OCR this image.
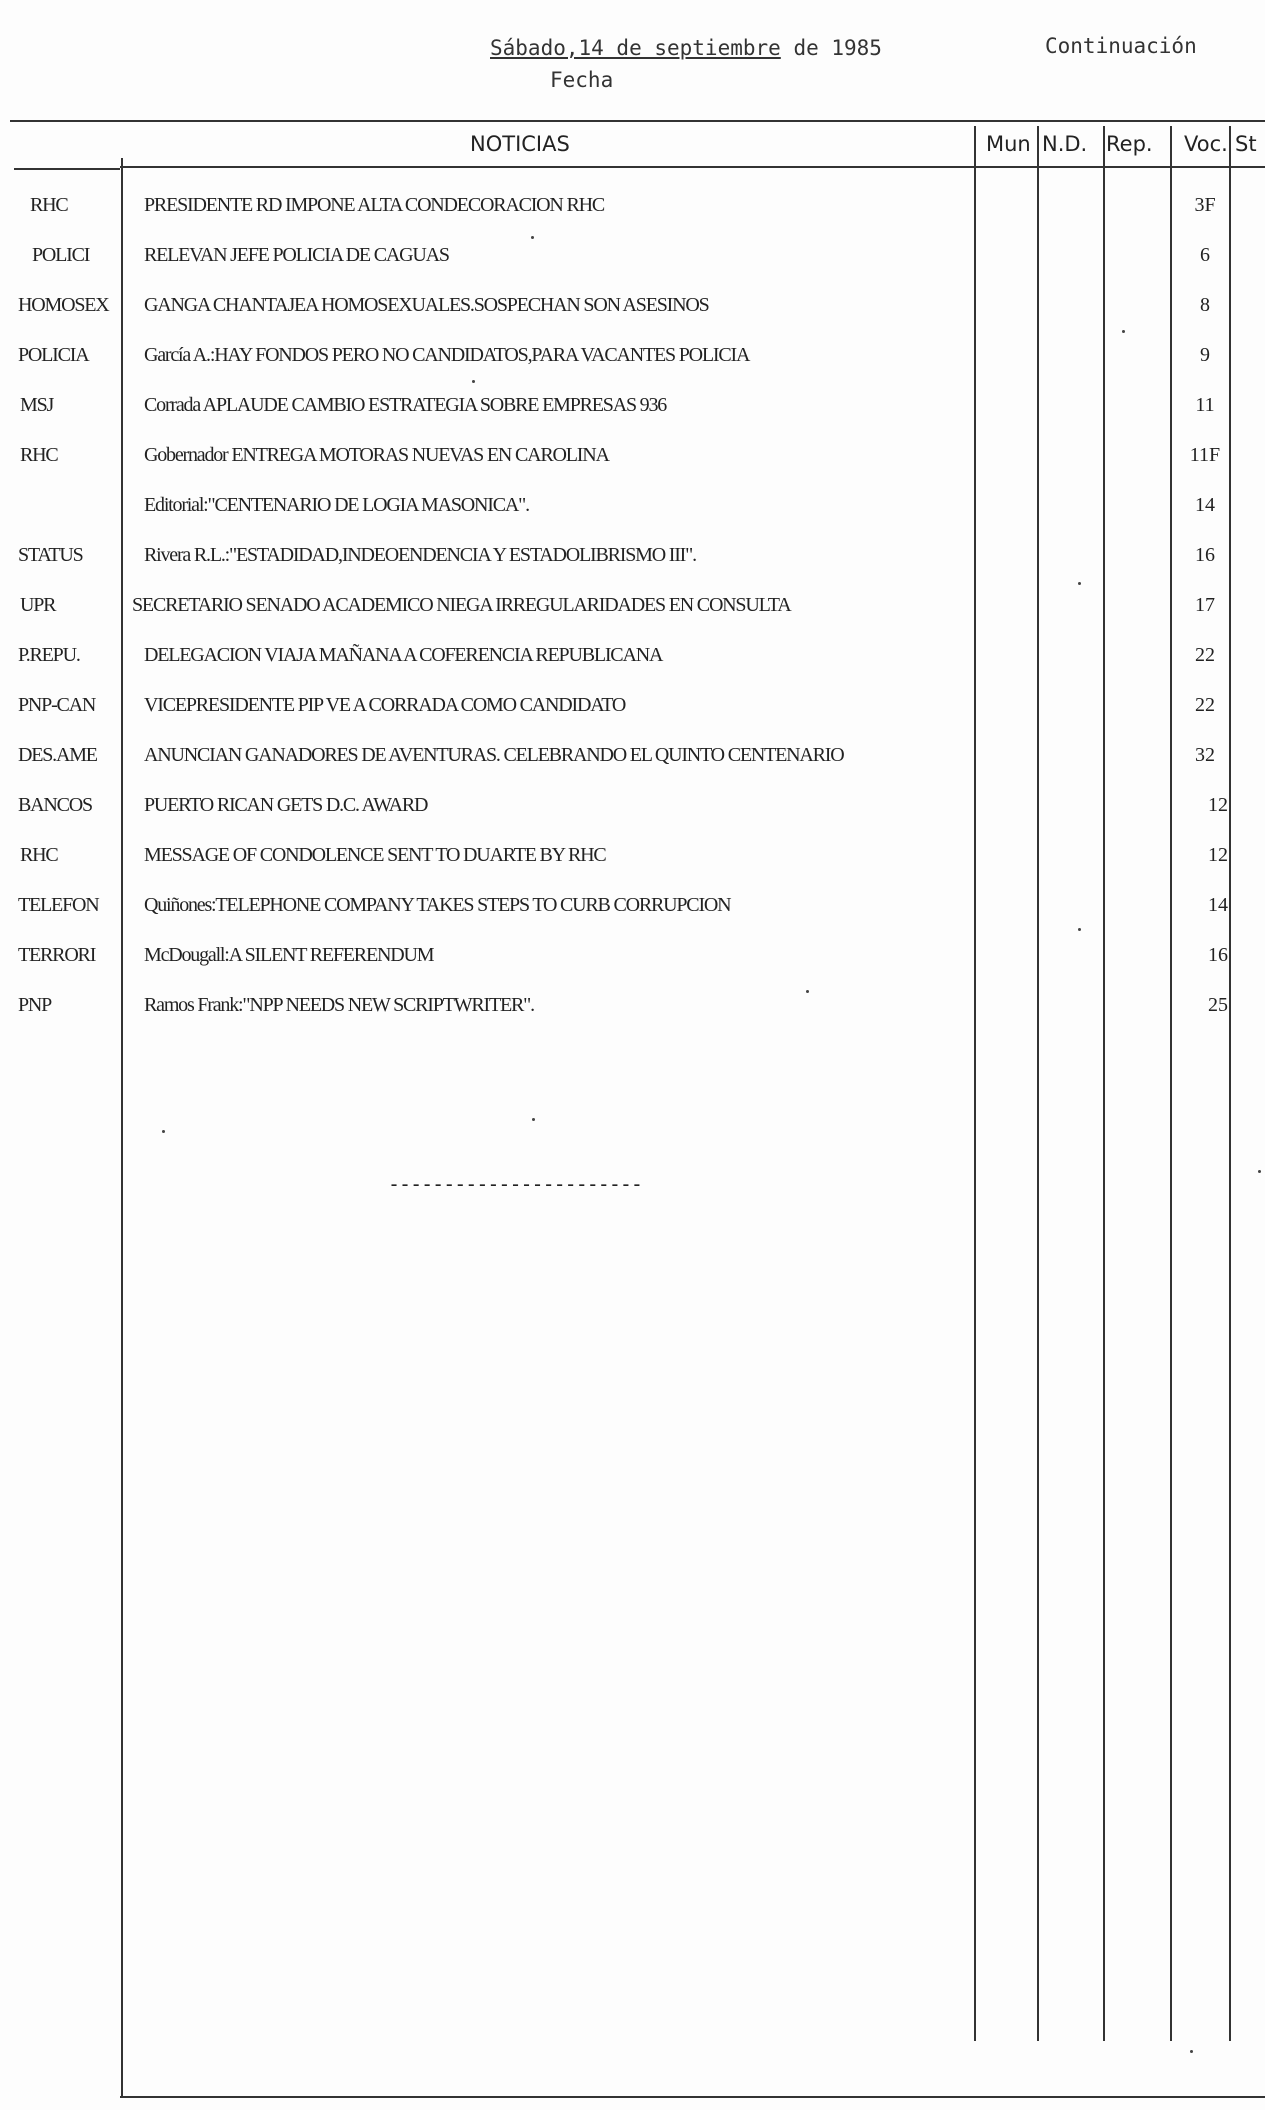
Sábado,14 de septiembre de 1985
Fecha
Continuación
NOTICIAS	Mun N.D. Rep. Voc. St
RHC	PRESIDENTE RD IMPONE ALTA CONDECORACION RHC	3F
POLICI	RELEVAN JEFE POLICIA DE CAGUAS	6
HOMOSEX GANGA CHANTAJEA HOMOSEXUALES.SOSPECHAN SON ASESINOS	8
POLICIA	García A.:HAY FONDOS PERO NO CANDIDATOS,PARA VACANTES POLICIA	9
MSJ	Corrada APLAUDE CAMBIO ESTRATEGIA SOBRE EMPRESAS 936	11
RHC	Gobernador ENTREGA MOTORAS NUEVAS EN CAROLINA	11F
Editorial:"CENTENARIO DE LOGIA MASONICA".	14
STATUS	Rivera R.L.:"ESTADIDAD,INDEOENDENCIA Y ESTADOLIBRISMO III".	16
UPR	SECRETARIO SENADO ACADEMICO NIEGA IRREGULARIDADES EN CONSULTA	17
P.REPU.	DELEGACION VIAJA MAÑANA A COFERENCIA REPUBLICANA	22
PNP-CAN VICEPRESIDENTE PIP VE A CORRADA COMO CANDIDATO	22
DES.AME ANUNCIAN GANADORES DE AVENTURAS. CELEBRANDO EL QUINTO CENTENARIO	32
BANCOS	PUERTO RICAN GETS D.C. AWARD	12
RHC	MESSAGE OF CONDOLENCE SENT TO DUARTE BY RHC	12
TELEFON Quiñones:TELEPHONE COMPANY TAKES STEPS TO CURB CORRUPCION	14
TERRORI McDougall:A SILENT REFERENDUM	16
PNP	Ramos Frank:"NPP NEEDS NEW SCRIPTWRITER".	25
-----------------------
